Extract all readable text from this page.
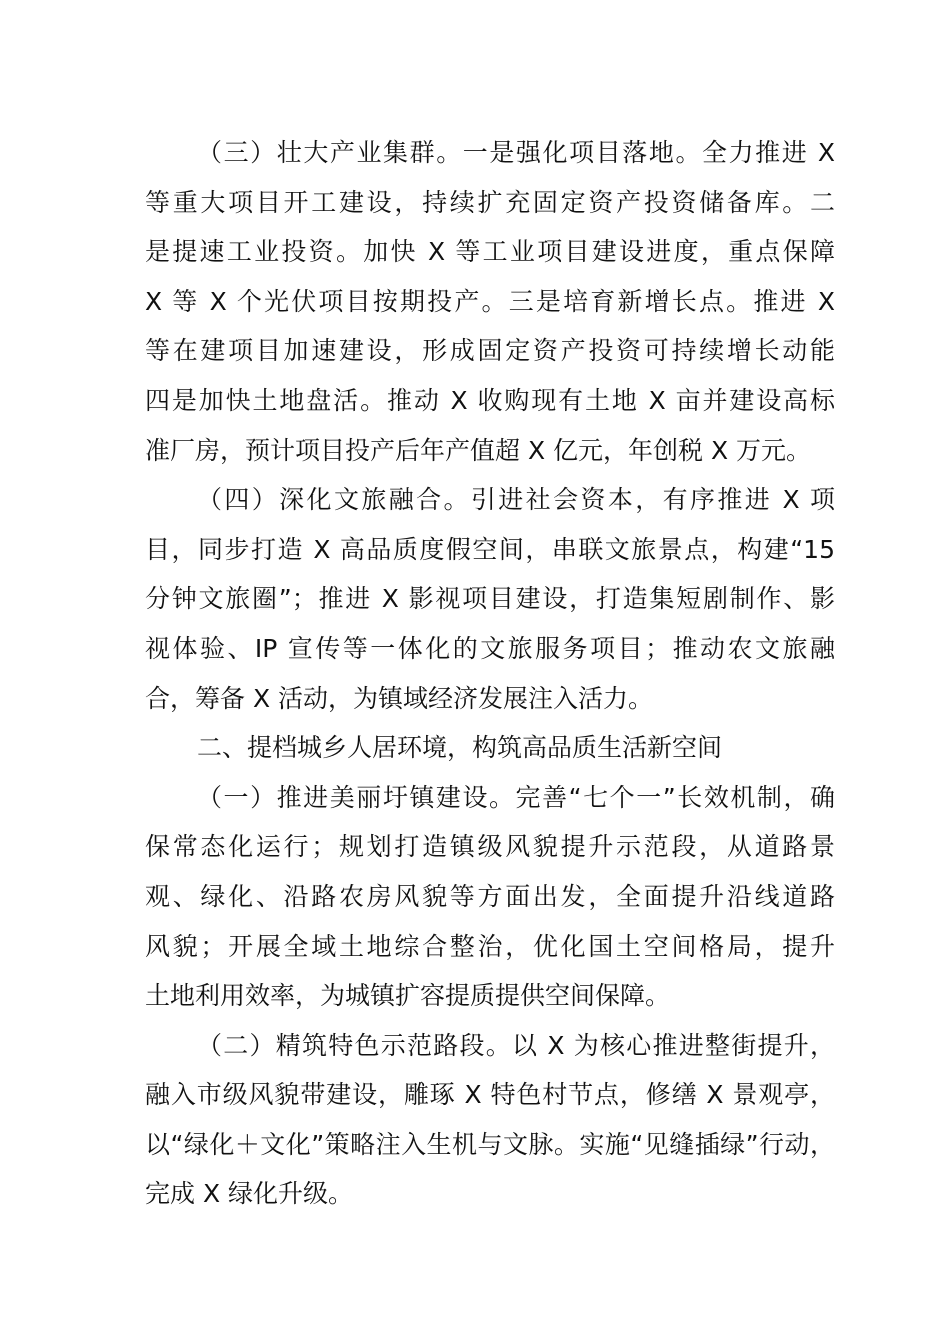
（三）壮大产业集群。一是强化项目落地。全力推进 X
等重大项目开工建设，持续扩充固定资产投资储备库。二
是提速工业投资。加快 X 等工业项目建设进度，重点保障
X 等 X 个光伏项目按期投产。三是培育新增长点。推进 X
等在建项目加速建设，形成固定资产投资可持续增长动能
四是加快土地盘活。推动 X 收购现有土地 X 亩并建设高标
准厂房，预计项目投产后年产值超 X 亿元，年创税 X 万元。

（四）深化文旅融合。引进社会资本，有序推进 X 项
目，同步打造 X 高品质度假空间，串联文旅景点，构建“15
分钟文旅圈”；推进 X 影视项目建设，打造集短剧制作、影
视体验、IP 宣传等一体化的文旅服务项目；推动农文旅融
合，筹备 X 活动，为镇域经济发展注入活力。

二、提档城乡人居环境，构筑高品质生活新空间

（一）推进美丽圩镇建设。完善“七个一”长效机制，确
保常态化运行；规划打造镇级风貌提升示范段，从道路景
观、绿化、沿路农房风貌等方面出发，全面提升沿线道路
风貌；开展全域土地综合整治，优化国土空间格局，提升
土地利用效率，为城镇扩容提质提供空间保障。

（二）精筑特色示范路段。以 X 为核心推进整街提升，
融入市级风貌带建设，雕琢 X 特色村节点，修缮 X 景观亭，
以“绿化＋文化”策略注入生机与文脉。实施“见缝插绿”行动，
完成 X 绿化升级。
